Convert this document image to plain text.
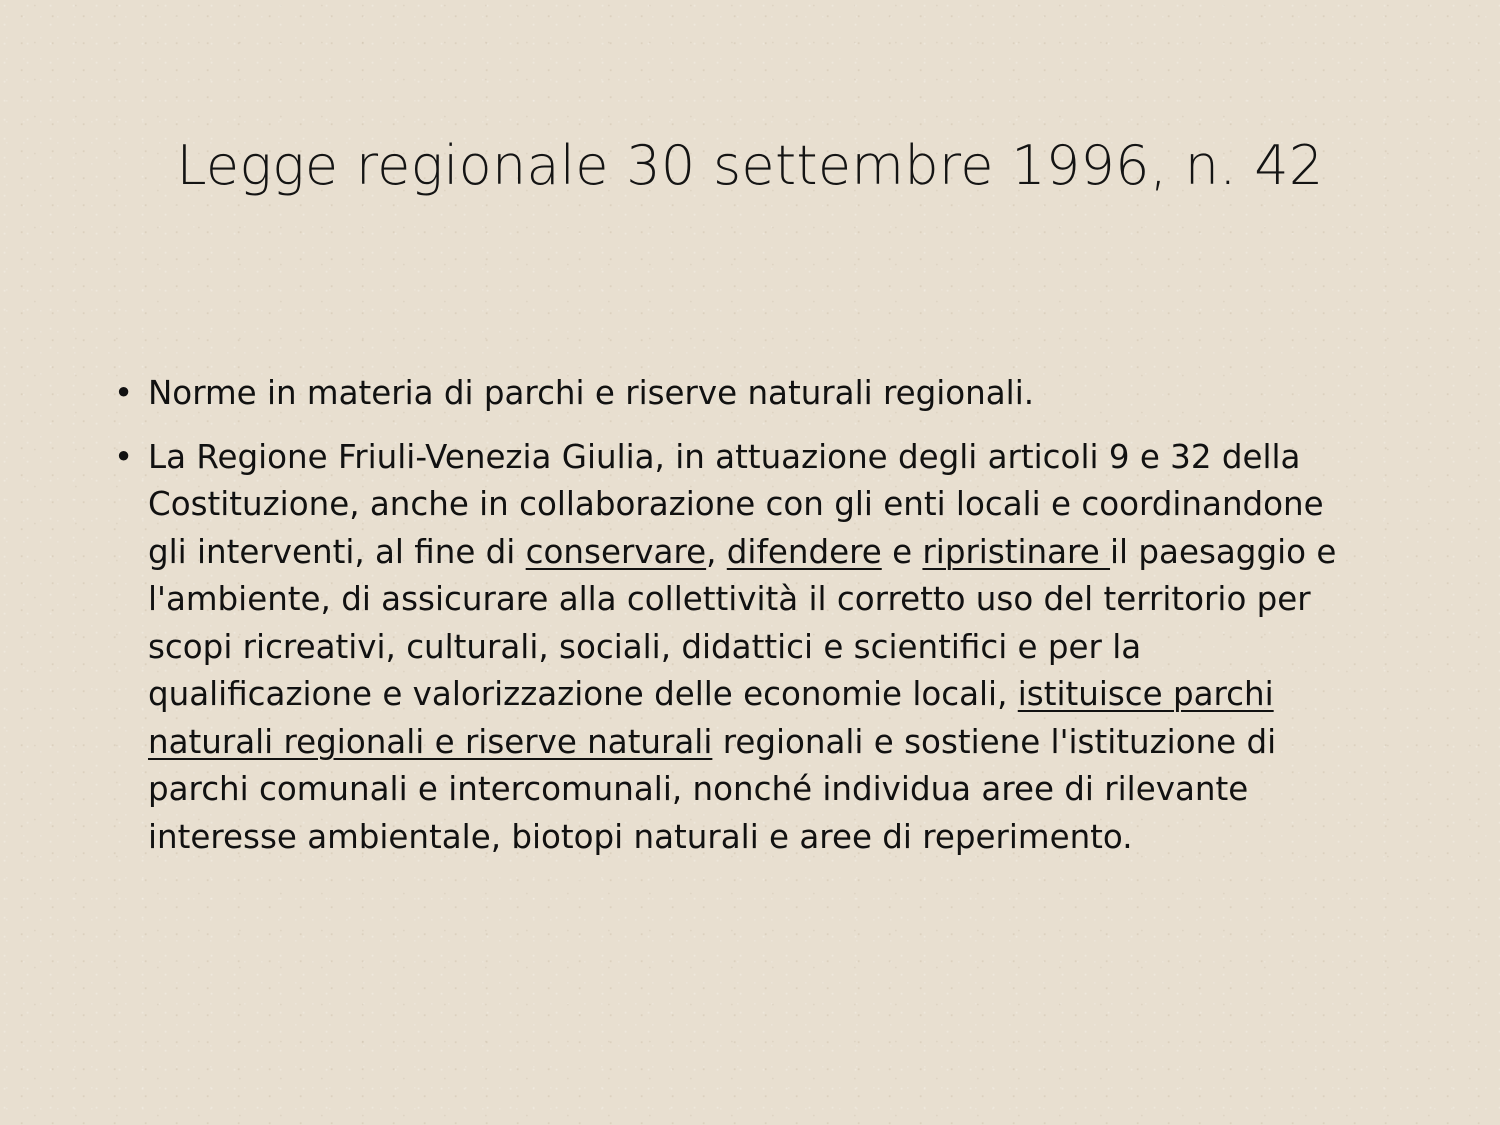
Legge regionale 30 settembre 1996, n. 42
• Norme in materia di parchi e riserve naturali regionali.
• La Regione Friuli-Venezia Giulia, in attuazione degli articoli 9 e 32 della Costituzione, anche in collaborazione con gli enti locali e coordinandone gli interventi, al fine di conservare, difendere e ripristinare il paesaggio e l'ambiente, di assicurare alla collettività il corretto uso del territorio per scopi ricreativi, culturali, sociali, didattici e scientifici e per la qualificazione e valorizzazione delle economie locali, istituisce parchi naturali regionali e riserve naturali regionali e sostiene l'istituzione di parchi comunali e intercomunali, nonché individua aree di rilevante interesse ambientale, biotopi naturali e aree di reperimento.
